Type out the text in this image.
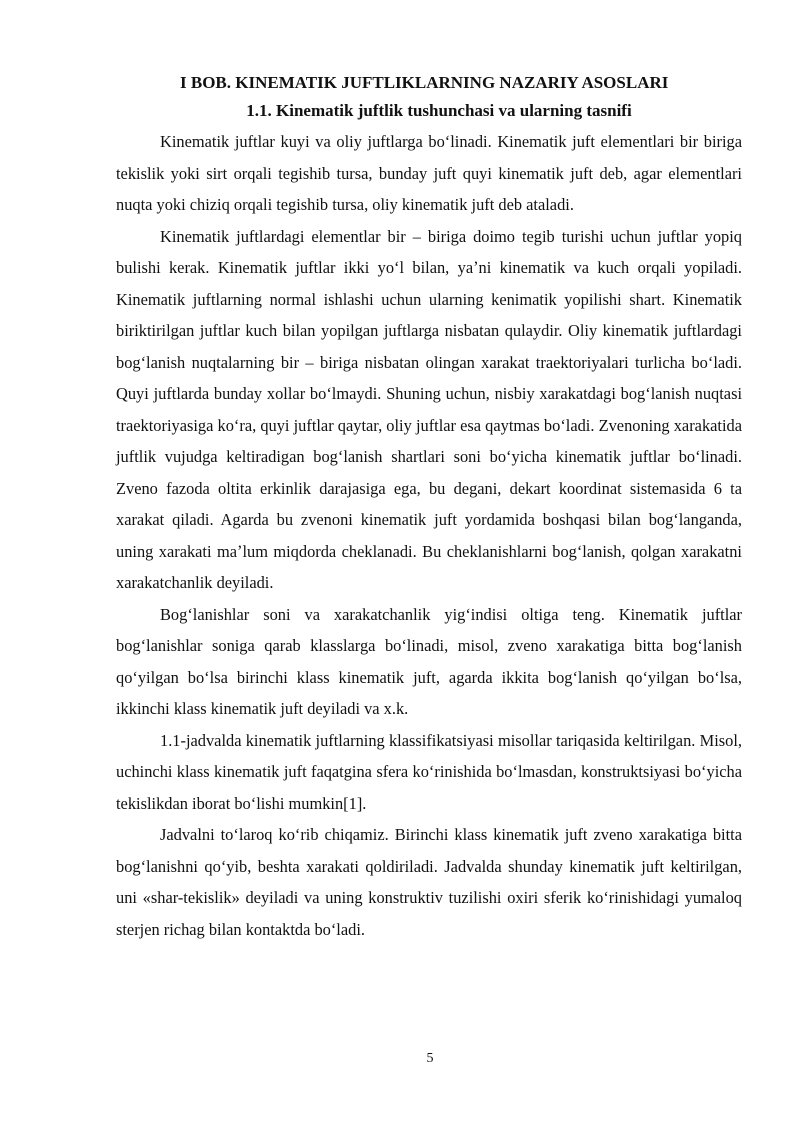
I BOB. KINEMATIK JUFTLIKLARNING NAZARIY ASOSLARI
1.1. Kinematik juftlik tushunchasi va ularning tasnifi

Kinematik juftlar kuyi va oliy juftlarga boʻlinadi. Kinematik juft elementlari bir biriga tekislik yoki sirt orqali tegishib tursa, bunday juft quyi kinematik juft deb, agar elementlari nuqta yoki chiziq orqali tegishib tursa, oliy kinematik juft deb ataladi.

Kinematik juftlardagi elementlar bir – biriga doimo tegib turishi uchun juftlar yopiq bulishi kerak. Kinematik juftlar ikki yoʻl bilan, yaʼni kinematik va kuch orqali yopiladi. Kinematik juftlarning normal ishlashi uchun ularning kenimatik yopilishi shart. Kinematik biriktirilgan juftlar kuch bilan yopilgan juftlarga nisbatan qulaydir. Oliy kinematik juftlardagi bogʻlanish nuqtalarning bir – biriga nisbatan olingan xarakat traektoriyalari turlicha boʻladi. Quyi juftlarda bunday xollar boʻlmaydi. Shuning uchun, nisbiy xarakatdagi bogʻlanish nuqtasi traektoriyasiga koʻra, quyi juftlar qaytar, oliy juftlar esa qaytmas boʻladi. Zvenoning xarakatida juftlik vujudga keltiradigan bogʻlanish shartlari soni boʻyicha kinematik juftlar boʻlinadi. Zveno fazoda oltita erkinlik darajasiga ega, bu degani, dekart koordinat sistemasida 6 ta xarakat qiladi. Agarda bu zvenoni kinematik juft yordamida boshqasi bilan bogʻlanganda, uning xarakati maʼlum miqdorda cheklanadi. Bu cheklanishlarni bogʻlanish, qolgan xarakatni xarakatchanlik deyiladi.

Bogʻlanishlar soni va xarakatchanlik yigʻindisi oltiga teng. Kinematik juftlar bogʻlanishlar soniga qarab klasslarga boʻlinadi, misol, zveno xarakatiga bitta bogʻlanish qoʻyilgan boʻlsa birinchi klass kinematik juft, agarda ikkita bogʻlanish qoʻyilgan boʻlsa, ikkinchi klass kinematik juft deyiladi va x.k.

1.1-jadvalda kinematik juftlarning klassifikatsiyasi misollar tariqasida keltirilgan. Misol, uchinchi klass kinematik juft faqatgina sfera koʻrinishida boʻlmasdan, konstruktsiyasi boʻyicha tekislikdan iborat boʻlishi mumkin[1].

Jadvalni toʻlaroq koʻrib chiqamiz. Birinchi klass kinematik juft zveno xarakatiga bitta bogʻlanishni qoʻyib, beshta xarakati qoldiriladi. Jadvalda shunday kinematik juft keltirilgan, uni «shar-tekislik» deyiladi va uning konstruktiv tuzilishi oxiri sferik koʻrinishidagi yumaloq sterjen richag bilan kontaktda boʻladi.

5
